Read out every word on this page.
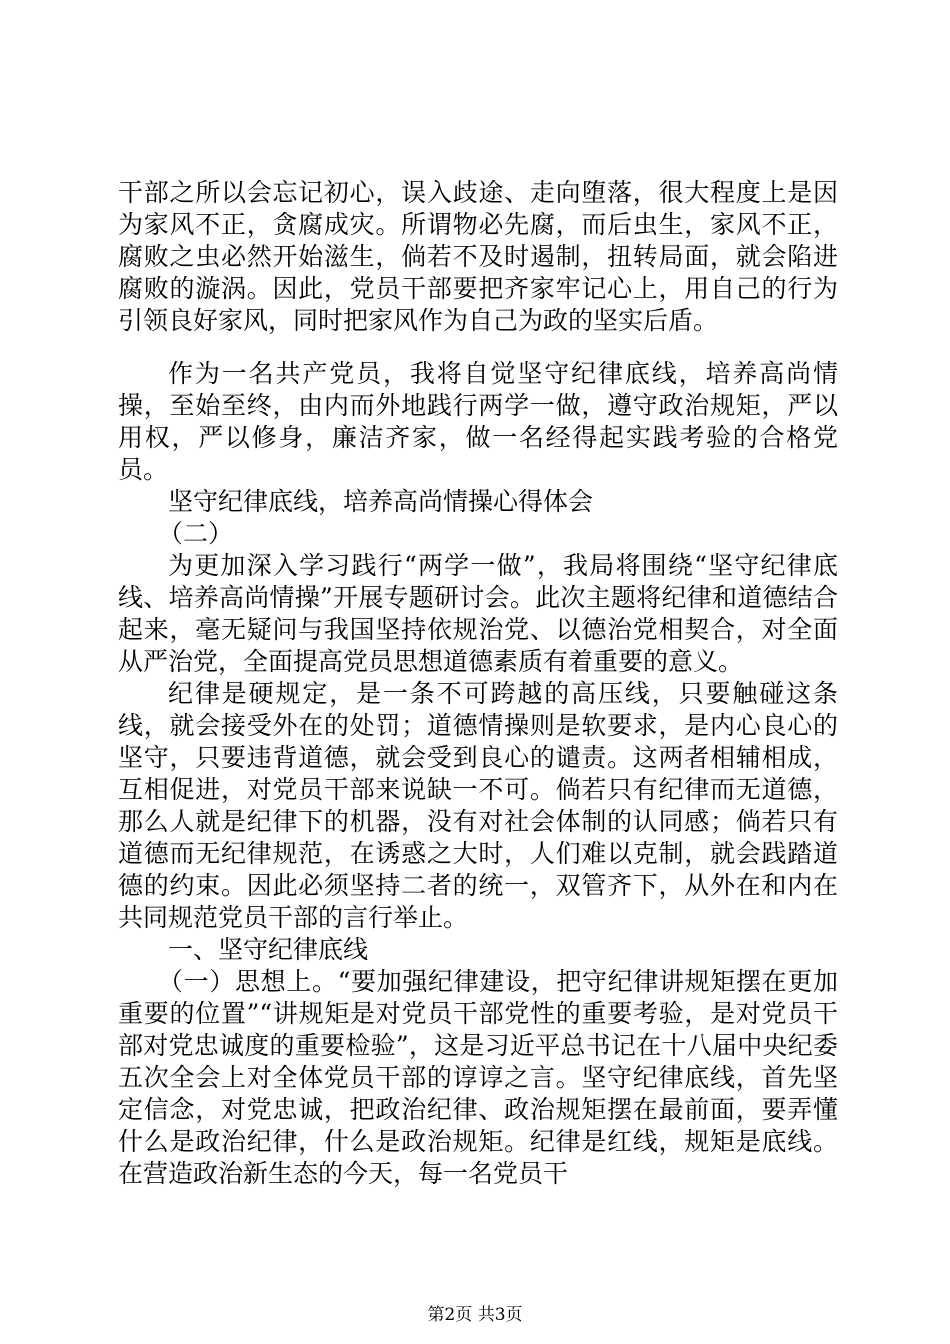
干部之所以会忘记初心，误入歧途、走向堕落，很大程度上是因为家风不正，贪腐成灾。所谓物必先腐，而后虫生，家风不正，腐败之虫必然开始滋生，倘若不及时遏制，扭转局面，就会陷进腐败的漩涡。因此，党员干部要把齐家牢记心上，用自己的行为引领良好家风，同时把家风作为自己为政的坚实后盾。

作为一名共产党员，我将自觉坚守纪律底线，培养高尚情操，至始至终，由内而外地践行两学一做，遵守政治规矩，严以用权，严以修身，廉洁齐家，做一名经得起实践考验的合格党员。

坚守纪律底线，培养高尚情操心得体会

（二）

为更加深入学习践行“两学一做”，我局将围绕“坚守纪律底线、培养高尚情操”开展专题研讨会。此次主题将纪律和道德结合起来，毫无疑问与我国坚持依规治党、以德治党相契合，对全面从严治党，全面提高党员思想道德素质有着重要的意义。

纪律是硬规定，是一条不可跨越的高压线，只要触碰这条线，就会接受外在的处罚；道德情操则是软要求，是内心良心的坚守，只要违背道德，就会受到良心的谴责。这两者相辅相成，互相促进，对党员干部来说缺一不可。倘若只有纪律而无道德，那么人就是纪律下的机器，没有对社会体制的认同感；倘若只有道德而无纪律规范，在诱惑之大时，人们难以克制，就会践踏道德的约束。因此必须坚持二者的统一，双管齐下，从外在和内在共同规范党员干部的言行举止。

一、坚守纪律底线

（一）思想上。“要加强纪律建设，把守纪律讲规矩摆在更加重要的位置”“讲规矩是对党员干部党性的重要考验，是对党员干部对党忠诚度的重要检验”，这是习近平总书记在十八届中央纪委五次全会上对全体党员干部的谆谆之言。坚守纪律底线，首先坚定信念，对党忠诚，把政治纪律、政治规矩摆在最前面，要弄懂什么是政治纪律，什么是政治规矩。纪律是红线，规矩是底线。在营造政治新生态的今天，每一名党员干

第2页 共3页
